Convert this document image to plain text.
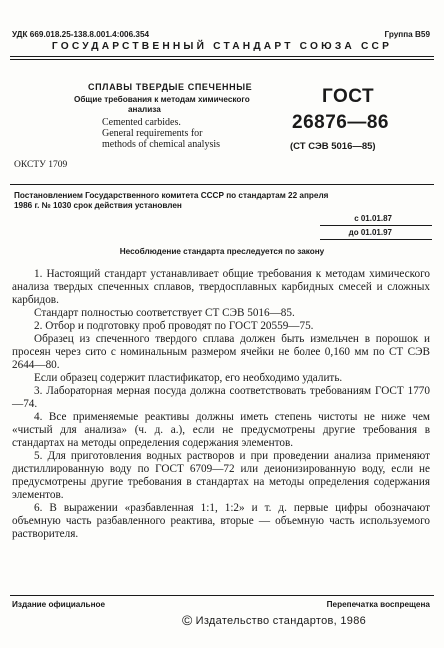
УДК 669.018.25-138.8.001.4:006.354	Группа В59
ГОСУДАРСТВЕННЫЙ СТАНДАРТ СОЮЗА ССР
СПЛАВЫ ТВЕРДЫЕ СПЕЧЕННЫЕ
Общие требования к методам химического
анализа
Cemented carbides.
General requirements for
methods of chemical analysis
ГОСТ
26876—86
(СТ СЭВ 5016—85)
ОКСТУ 1709
Постановлением Государственного комитета СССР по стандартам 22 апреля
1986 г. № 1030 срок действия установлен
с 01.01.87
до 01.01.97
Несоблюдение стандарта преследуется по закону

1. Настоящий стандарт устанавливает общие требования к методам химического анализа твердых спеченных сплавов, твердосплавных карбидных смесей и сложных карбидов.

Стандарт полностью соответствует СТ СЭВ 5016—85.

2. Отбор и подготовку проб проводят по ГОСТ 20559—75.

Образец из спеченного твердого сплава должен быть измельчен в порошок и просеян через сито с номинальным размером ячейки не более 0,160 мм по СТ СЭВ 2644—80.

Если образец содержит пластификатор, его необходимо удалить.

3. Лабораторная мерная посуда должна соответствовать требованиям ГОСТ 1770—74.

4. Все применяемые реактивы должны иметь степень чистоты не ниже чем «чистый для анализа» (ч. д. а.), если не предусмотрены другие требования в стандартах на методы определения содержания элементов.

5. Для приготовления водных растворов и при проведении анализа применяют дистиллированную воду по ГОСТ 6709—72 или деионизированную воду, если не предусмотрены другие требования в стандартах на методы определения содержания элементов.

6. В выражении «разбавленная 1:1, 1:2» и т. д. первые цифры обозначают объемную часть разбавленного реактива, вторые — объемную часть используемого растворителя.

Издание официальное	Перепечатка воспрещена
© Издательство стандартов, 1986
